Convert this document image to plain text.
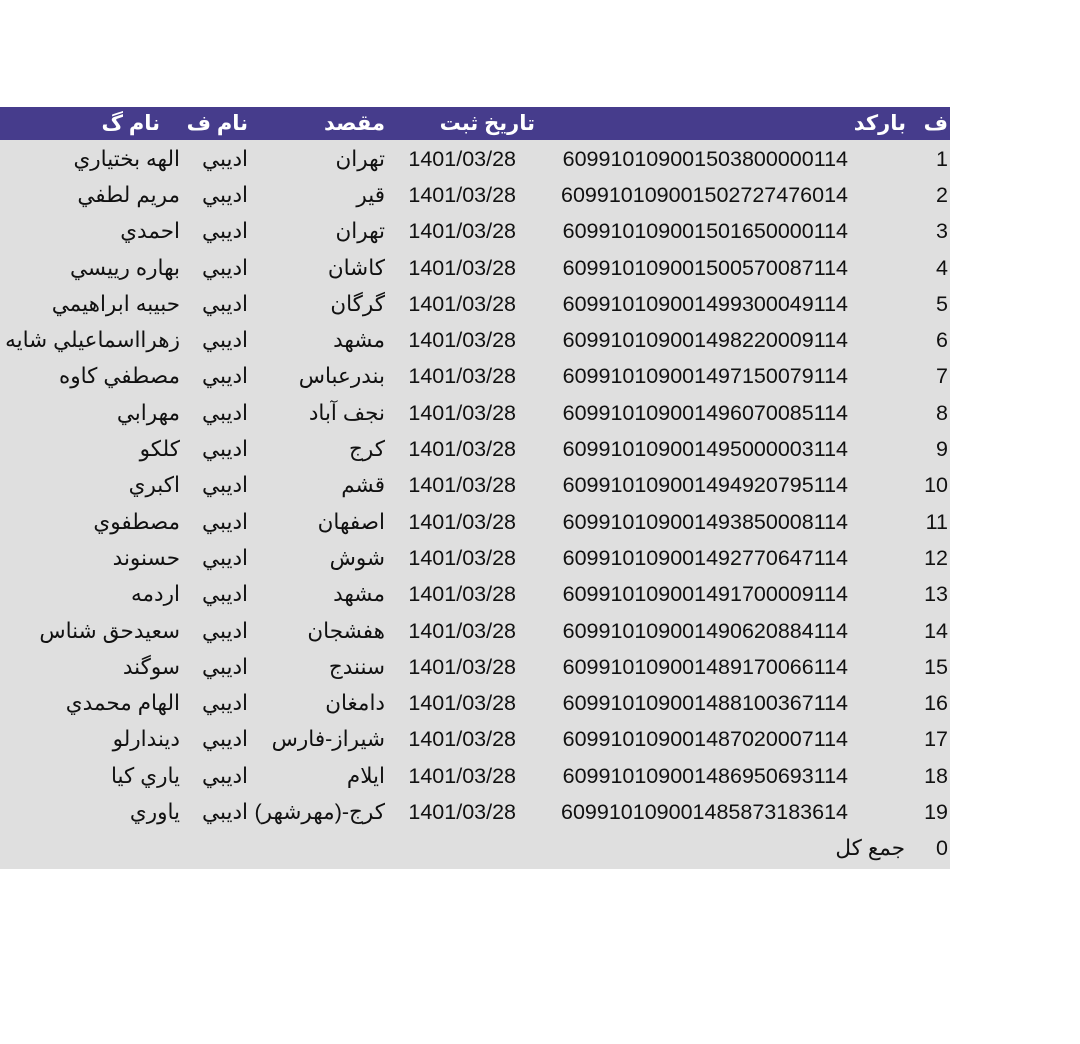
ف
بارکد
تاريخ ثبت
مقصد
نام ف
نام گ
1
609910109001503800000114
1401/03/28
تهران
اديبي
الهه بختياري
2
609910109001502727476014
1401/03/28
قير
اديبي
مريم لطفي
3
609910109001501650000114
1401/03/28
تهران
اديبي
احمدي
4
609910109001500570087114
1401/03/28
كاشان
اديبي
بهاره رييسي
5
609910109001499300049114
1401/03/28
گرگان
اديبي
حبيبه ابراهيمي
6
609910109001498220009114
1401/03/28
مشهد
اديبي
زهرااسماعيلي شايه
7
609910109001497150079114
1401/03/28
بندرعباس
اديبي
مصطفي كاوه
8
609910109001496070085114
1401/03/28
نجف آباد
اديبي
مهرابي
9
609910109001495000003114
1401/03/28
كرج
اديبي
كلكو
10
609910109001494920795114
1401/03/28
قشم
اديبي
اكبري
11
609910109001493850008114
1401/03/28
اصفهان
اديبي
مصطفوي
12
609910109001492770647114
1401/03/28
شوش
اديبي
حسنوند
13
609910109001491700009114
1401/03/28
مشهد
اديبي
اردمه
14
609910109001490620884114
1401/03/28
هفشجان
اديبي
سعيدحق شناس
15
609910109001489170066114
1401/03/28
سنندج
اديبي
سوگند
16
609910109001488100367114
1401/03/28
دامغان
اديبي
الهام محمدي
17
609910109001487020007114
1401/03/28
شيراز-فارس
اديبي
ديندارلو
18
609910109001486950693114
1401/03/28
ايلام
اديبي
ياري كيا
19
609910109001485873183614
1401/03/28
كرج-(مهرشهر)
اديبي
ياوري
0
جمع كل
